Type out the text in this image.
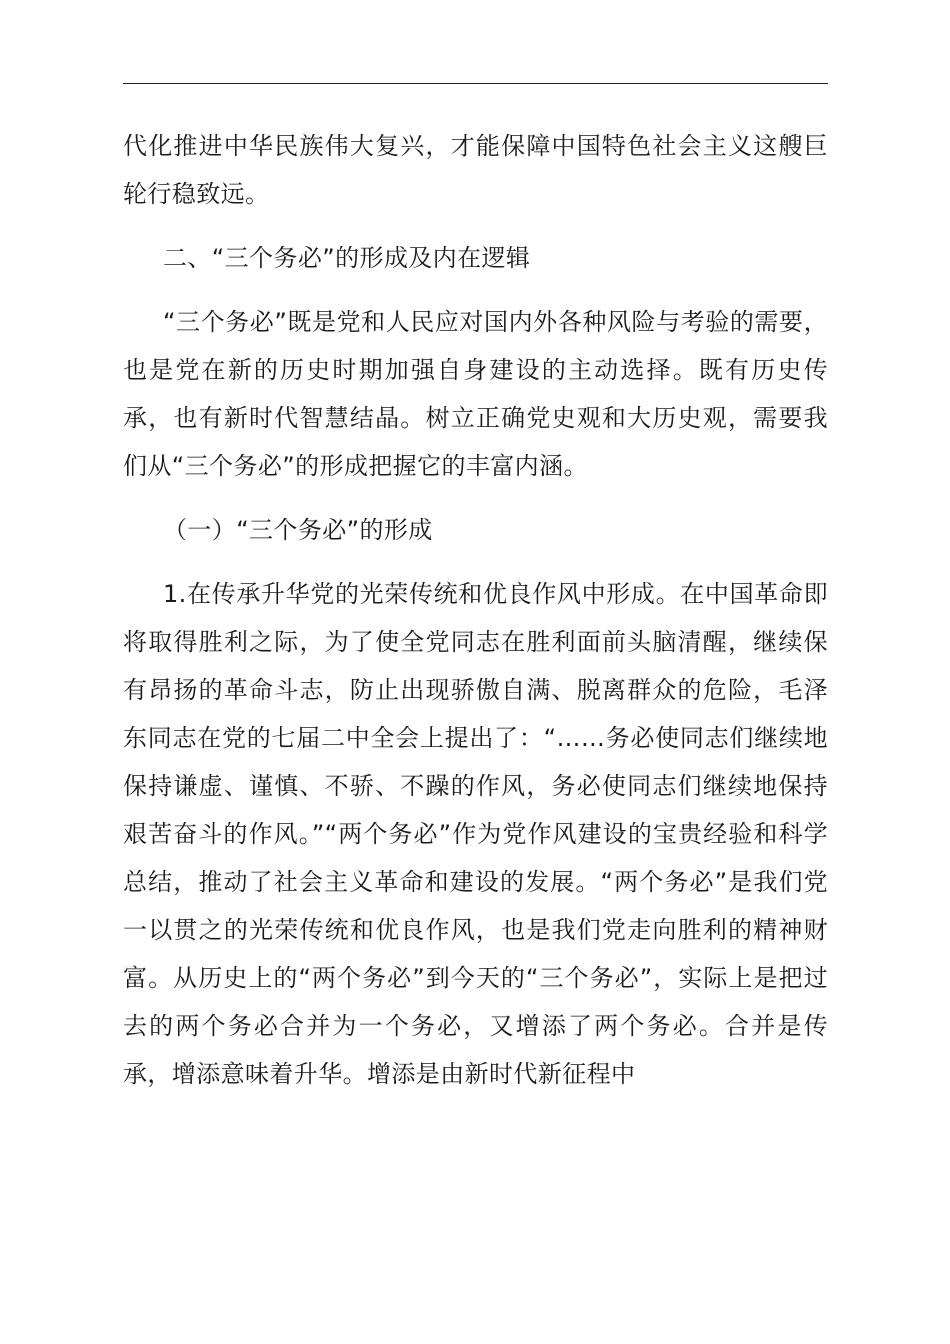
代化推进中华民族伟大复兴，才能保障中国特色社会主义这艘巨轮行稳致远。

二、“三个务必”的形成及内在逻辑

“三个务必”既是党和人民应对国内外各种风险与考验的需要，也是党在新的历史时期加强自身建设的主动选择。既有历史传承，也有新时代智慧结晶。树立正确党史观和大历史观，需要我们从“三个务必”的形成把握它的丰富内涵。

（一）“三个务必”的形成

1.在传承升华党的光荣传统和优良作风中形成。在中国革命即将取得胜利之际，为了使全党同志在胜利面前头脑清醒，继续保有昂扬的革命斗志，防止出现骄傲自满、脱离群众的危险，毛泽东同志在党的七届二中全会上提出了：“……务必使同志们继续地保持谦虚、谨慎、不骄、不躁的作风，务必使同志们继续地保持艰苦奋斗的作风。”“两个务必”作为党作风建设的宝贵经验和科学总结，推动了社会主义革命和建设的发展。“两个务必”是我们党一以贯之的光荣传统和优良作风，也是我们党走向胜利的精神财富。从历史上的“两个务必”到今天的“三个务必”，实际上是把过去的两个务必合并为一个务必，又增添了两个务必。合并是传承，增添意味着升华。增添是由新时代新征程中
